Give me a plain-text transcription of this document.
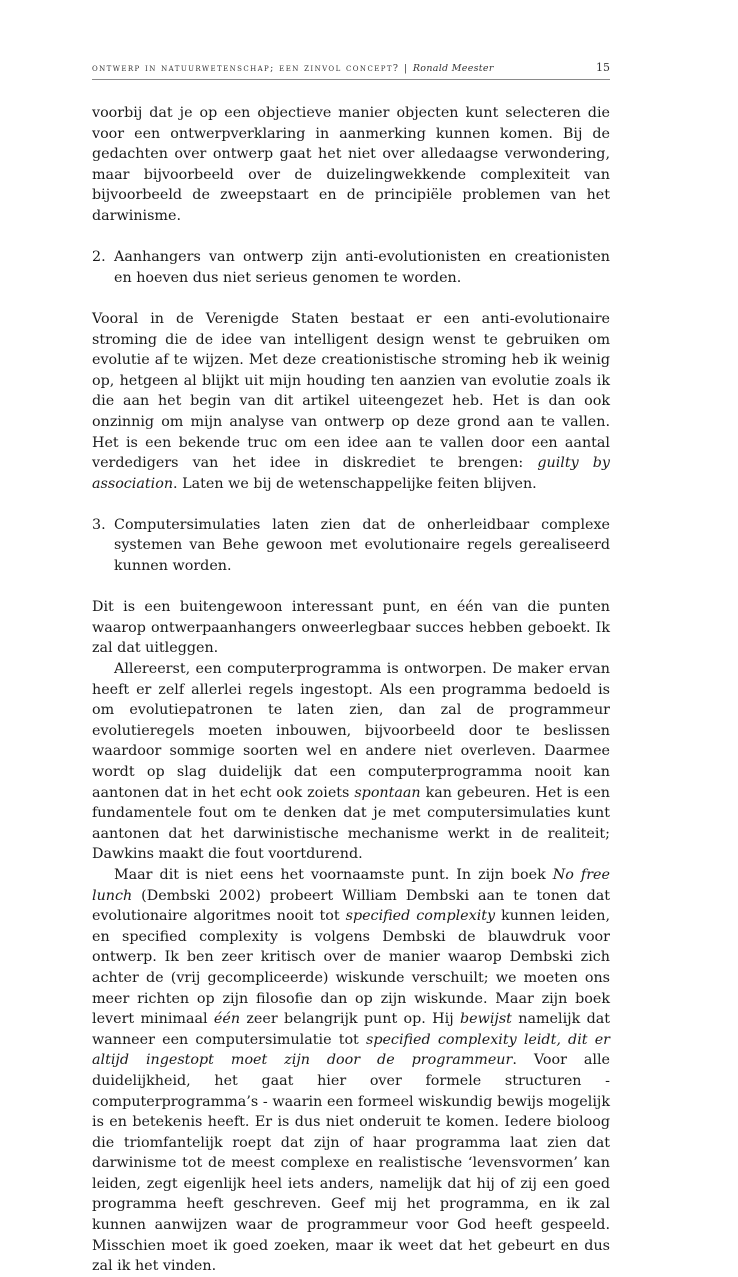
ontwerp in natuurwetenschap; een zinvol concept? | Ronald Meester	15

voorbij dat je op een objectieve manier objecten kunt selecteren die voor een ontwerpverklaring in aanmerking kunnen komen. Bij de gedachten over ontwerp gaat het niet over alledaagse verwondering, maar bijvoorbeeld over de duizelingwekkende complexiteit van bijvoorbeeld de zweepstaart en de principiële problemen van het darwinisme.

2. Aanhangers van ontwerp zijn anti-evolutionisten en creationisten en hoeven dus niet serieus genomen te worden.

Vooral in de Verenigde Staten bestaat er een anti-evolutionaire stroming die de idee van intelligent design wenst te gebruiken om evolutie af te wijzen. Met deze creationistische stroming heb ik weinig op, hetgeen al blijkt uit mijn houding ten aanzien van evolutie zoals ik die aan het begin van dit artikel uiteengezet heb. Het is dan ook onzinnig om mijn analyse van ontwerp op deze grond aan te vallen. Het is een bekende truc om een idee aan te vallen door een aantal verdedigers van het idee in diskrediet te brengen: guilty by association. Laten we bij de wetenschappelijke feiten blijven.

3. Computersimulaties laten zien dat de onherleidbaar complexe systemen van Behe gewoon met evolutionaire regels gerealiseerd kunnen worden.

Dit is een buitengewoon interessant punt, en één van die punten waarop ontwerpaanhangers onweerlegbaar succes hebben geboekt. Ik zal dat uitleggen.

Allereerst, een computerprogramma is ontworpen. De maker ervan heeft er zelf allerlei regels ingestopt. Als een programma bedoeld is om evolutiepatronen te laten zien, dan zal de programmeur evolutieregels moeten inbouwen, bijvoorbeeld door te beslissen waardoor sommige soorten wel en andere niet overleven. Daarmee wordt op slag duidelijk dat een computerprogramma nooit kan aantonen dat in het echt ook zoiets spontaan kan gebeuren. Het is een fundamentele fout om te denken dat je met computersimulaties kunt aantonen dat het darwinistische mechanisme werkt in de realiteit; Dawkins maakt die fout voortdurend.

Maar dit is niet eens het voornaamste punt. In zijn boek No free lunch (Dembski 2002) probeert William Dembski aan te tonen dat evolutionaire algoritmes nooit tot specified complexity kunnen leiden, en specified complexity is volgens Dembski de blauwdruk voor ontwerp. Ik ben zeer kritisch over de manier waarop Dembski zich achter de (vrij gecompliceerde) wiskunde verschuilt; we moeten ons meer richten op zijn filosofie dan op zijn wiskunde. Maar zijn boek levert minimaal één zeer belangrijk punt op. Hij bewijst namelijk dat wanneer een computersimulatie tot specified complexity leidt, dit er altijd ingestopt moet zijn door de programmeur. Voor alle duidelijkheid, het gaat hier over formele structuren - computerprogramma’s - waarin een formeel wiskundig bewijs mogelijk is en betekenis heeft. Er is dus niet onderuit te komen. Iedere bioloog die triomfantelijk roept dat zijn of haar programma laat zien dat darwinisme tot de meest complexe en realistische ‘levensvormen’ kan leiden, zegt eigenlijk heel iets anders, namelijk dat hij of zij een goed programma heeft geschreven. Geef mij het programma, en ik zal kunnen aanwijzen waar de programmeur voor God heeft gespeeld. Misschien moet ik goed zoeken, maar ik weet dat het gebeurt en dus zal ik het vinden.
